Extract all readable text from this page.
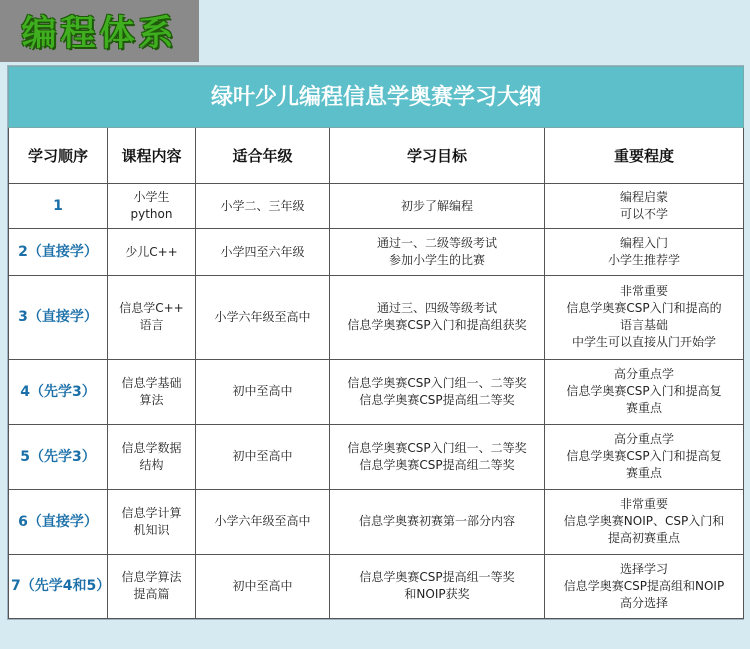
编程体系
绿叶少儿编程信息学奥赛学习大纲				
学习顺序	课程内容	适合年级	学习目标	重要程度
1	小学生
python	小学二、三年级	初步了解编程	编程启蒙
可以不学

2（直接学）	少儿C++	小学四至六年级	通过一、二级等级考试
参加小学生的比赛	编程入门
小学生推荐学

3（直接学）	信息学C++
语言	小学六年级至高中	通过三、四级等级考试
信息学奥赛CSP入门和提高组获奖	非常重要
信息学奥赛CSP入门和提高的
语言基础
中学生可以直接从门开始学

4（先学3）	信息学基础
算法	初中至高中	信息学奥赛CSP入门组一、二等奖
信息学奥赛CSP提高组二等奖	高分重点学
信息学奥赛CSP入门和提高复
赛重点

5（先学3）	信息学数据
结构	初中至高中	信息学奥赛CSP入门组一、二等奖
信息学奥赛CSP提高组二等奖	高分重点学
信息学奥赛CSP入门和提高复
赛重点

6（直接学）	信息学计算
机知识	小学六年级至高中	信息学奥赛初赛第一部分内容	非常重要
信息学奥赛NOIP、CSP入门和
提高初赛重点

7（先学4和5）	信息学算法
提高篇	初中至高中	信息学奥赛CSP提高组一等奖
和NOIP获奖	选择学习
信息学奥赛CSP提高组和NOIP
高分选择
